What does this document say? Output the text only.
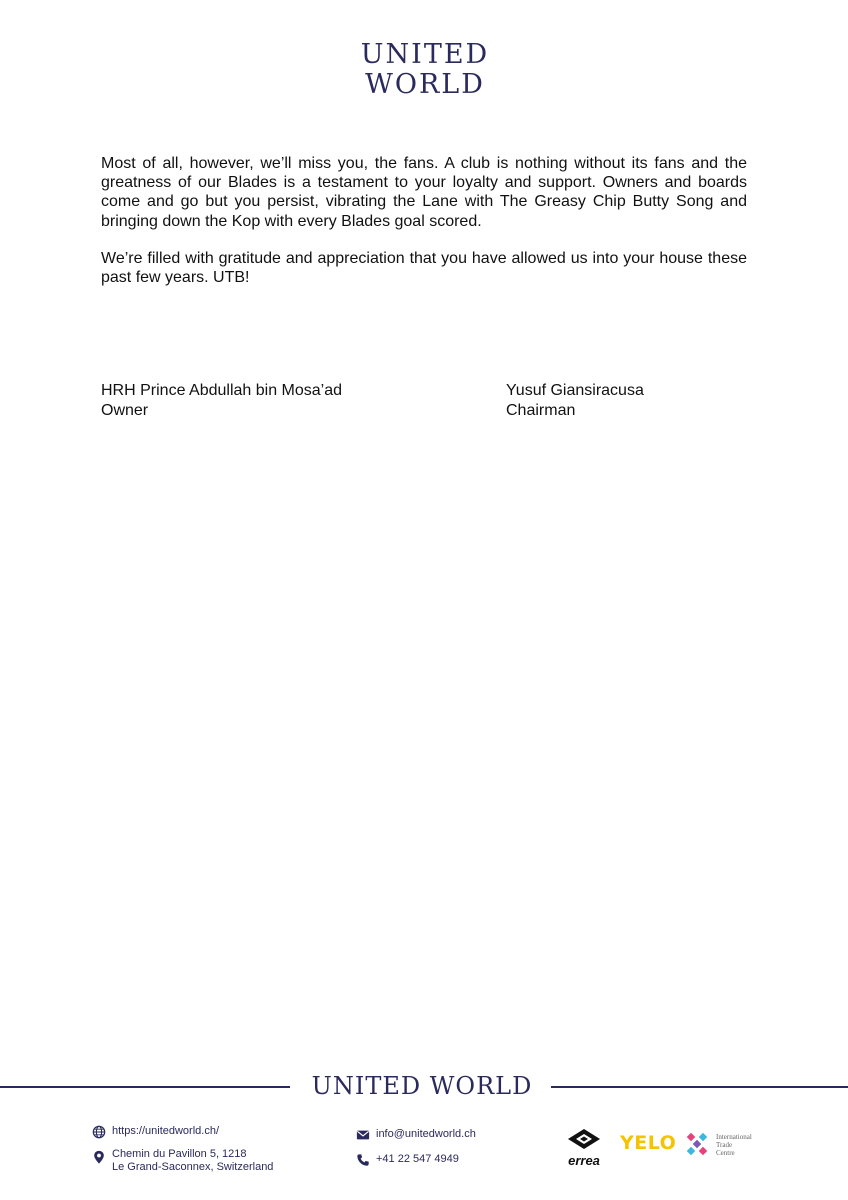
UNITED
WORLD

Most of all, however, we’ll miss you, the fans. A club is nothing without its fans and the greatness of our Blades is a testament to your loyalty and support. Owners and boards come and go but you persist, vibrating the Lane with The Greasy Chip Butty Song and bringing down the Kop with every Blades goal scored.

We’re filled with gratitude and appreciation that you have allowed us into your house these past few years. UTB!

HRH Prince Abdullah bin Mosa’ad
Owner
Yusuf Giansiracusa
Chairman
UNITED WORLD
https://unitedworld.ch/
Chemin du Pavillon 5, 1218
Le Grand-Saconnex, Switzerland
info@unitedworld.ch
+41 22 547 4949	errea
YELO	International
Trade
Centre
